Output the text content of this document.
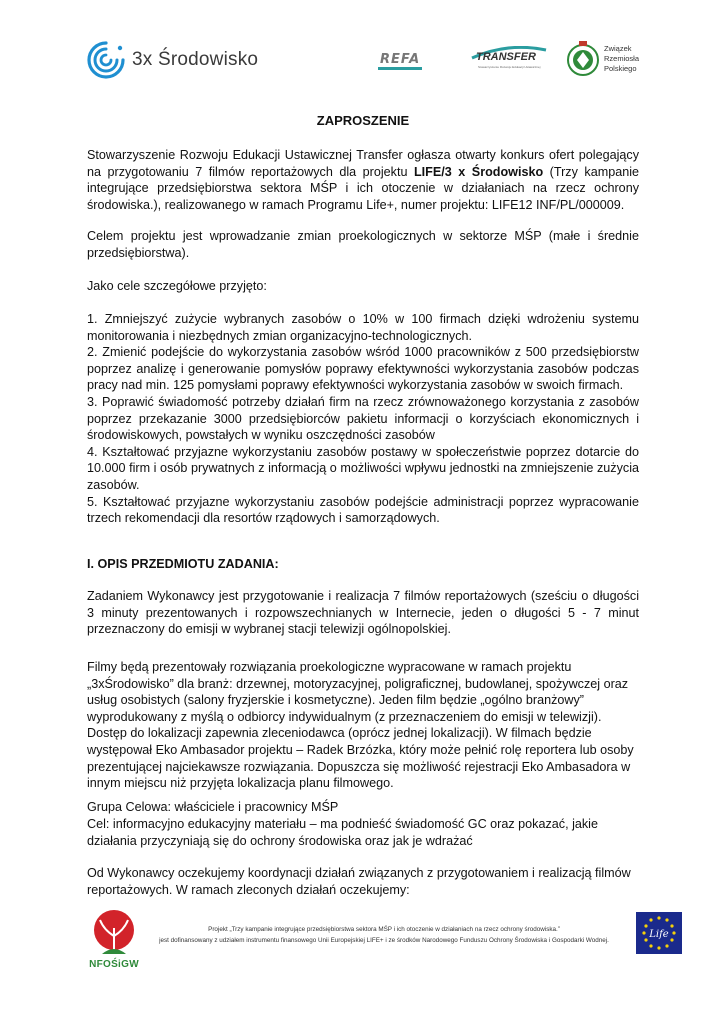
3x Środowisko	REFA	TRANSFER
Stowarzyszenie Rozwoju Edukacji Ustawicznej
Związek
Rzemiosła
Polskiego

ZAPROSZENIE

Stowarzyszenie Rozwoju Edukacji Ustawicznej Transfer ogłasza otwarty konkurs ofert polegający na przygotowaniu 7 filmów reportażowych dla projektu LIFE/3 x Środowisko (Trzy kampanie integrujące przedsiębiorstwa sektora MŚP i ich otoczenie w działaniach na rzecz ochrony środowiska.), realizowanego w ramach Programu Life+, numer projektu: LIFE12 INF/PL/000009.

Celem projektu jest wprowadzanie zmian proekologicznych w sektorze MŚP (małe i średnie przedsiębiorstwa).

Jako cele szczegółowe przyjęto:

1. Zmniejszyć zużycie wybranych zasobów o 10% w 100 firmach dzięki wdrożeniu systemu monitorowania i niezbędnych zmian organizacyjno-technologicznych.
2. Zmienić podejście do wykorzystania zasobów wśród 1000 pracowników z 500 przedsiębiorstw poprzez analizę i generowanie pomysłów poprawy efektywności wykorzystania zasobów podczas pracy nad min. 125 pomysłami poprawy efektywności wykorzystania zasobów w swoich firmach.
3. Poprawić świadomość potrzeby działań firm na rzecz zrównoważonego korzystania z zasobów poprzez przekazanie 3000 przedsiębiorców pakietu informacji o korzyściach ekonomicznych i środowiskowych, powstałych w wyniku oszczędności zasobów
4. Kształtować przyjazne wykorzystaniu zasobów postawy w społeczeństwie poprzez dotarcie do 10.000 firm i osób prywatnych z informacją o możliwości wpływu jednostki na zmniejszenie zużycia zasobów.
5. Kształtować przyjazne wykorzystaniu zasobów podejście administracji poprzez wypracowanie trzech rekomendacji dla resortów rządowych i samorządowych.

I. OPIS PRZEDMIOTU ZADANIA:

Zadaniem Wykonawcy jest przygotowanie i realizacja 7 filmów reportażowych (sześciu o długości 3 minuty prezentowanych i rozpowszechnianych w Internecie, jeden o długości 5 - 7 minut przeznaczony do emisji w wybranej stacji telewizji ogólnopolskiej.

Filmy będą prezentowały rozwiązania proekologiczne wypracowane w ramach projektu „3xŚrodowisko” dla branż: drzewnej, motoryzacyjnej, poligraficznej, budowlanej, spożywczej oraz usług osobistych (salony fryzjerskie i kosmetyczne). Jeden film będzie „ogólno branżowy” wyprodukowany z myślą o odbiorcy indywidualnym (z przeznaczeniem do emisji w telewizji). Dostęp do lokalizacji zapewnia zleceniodawca (oprócz jednej lokalizacji). W filmach będzie występował Eko Ambasador projektu – Radek Brzózka, który może pełnić rolę reportera lub osoby prezentującej najciekawsze rozwiązania. Dopuszcza się możliwość rejestracji Eko Ambasadora w innym miejscu niż przyjęta lokalizacja planu filmowego.

Grupa Celowa: właściciele i pracownicy MŚP

Cel: informacyjno edukacyjny materiału – ma podnieść świadomość GC oraz pokazać, jakie działania przyczyniają się do ochrony środowiska oraz jak je wdrażać

Od Wykonawcy oczekujemy koordynacji działań związanych z przygotowaniem i realizacją filmów reportażowych. W ramach zleconych działań oczekujemy:

NFOŚiGW
Projekt „Trzy kampanie integrujące przedsiębiorstwa sektora MŚP i ich otoczenie w działaniach na rzecz ochrony środowiska.”
jest dofinansowany z udziałem instrumentu finansowego Unii Europejskiej LIFE+ i ze środków Narodowego Funduszu Ochrony Środowiska i Gospodarki Wodnej.
Life
